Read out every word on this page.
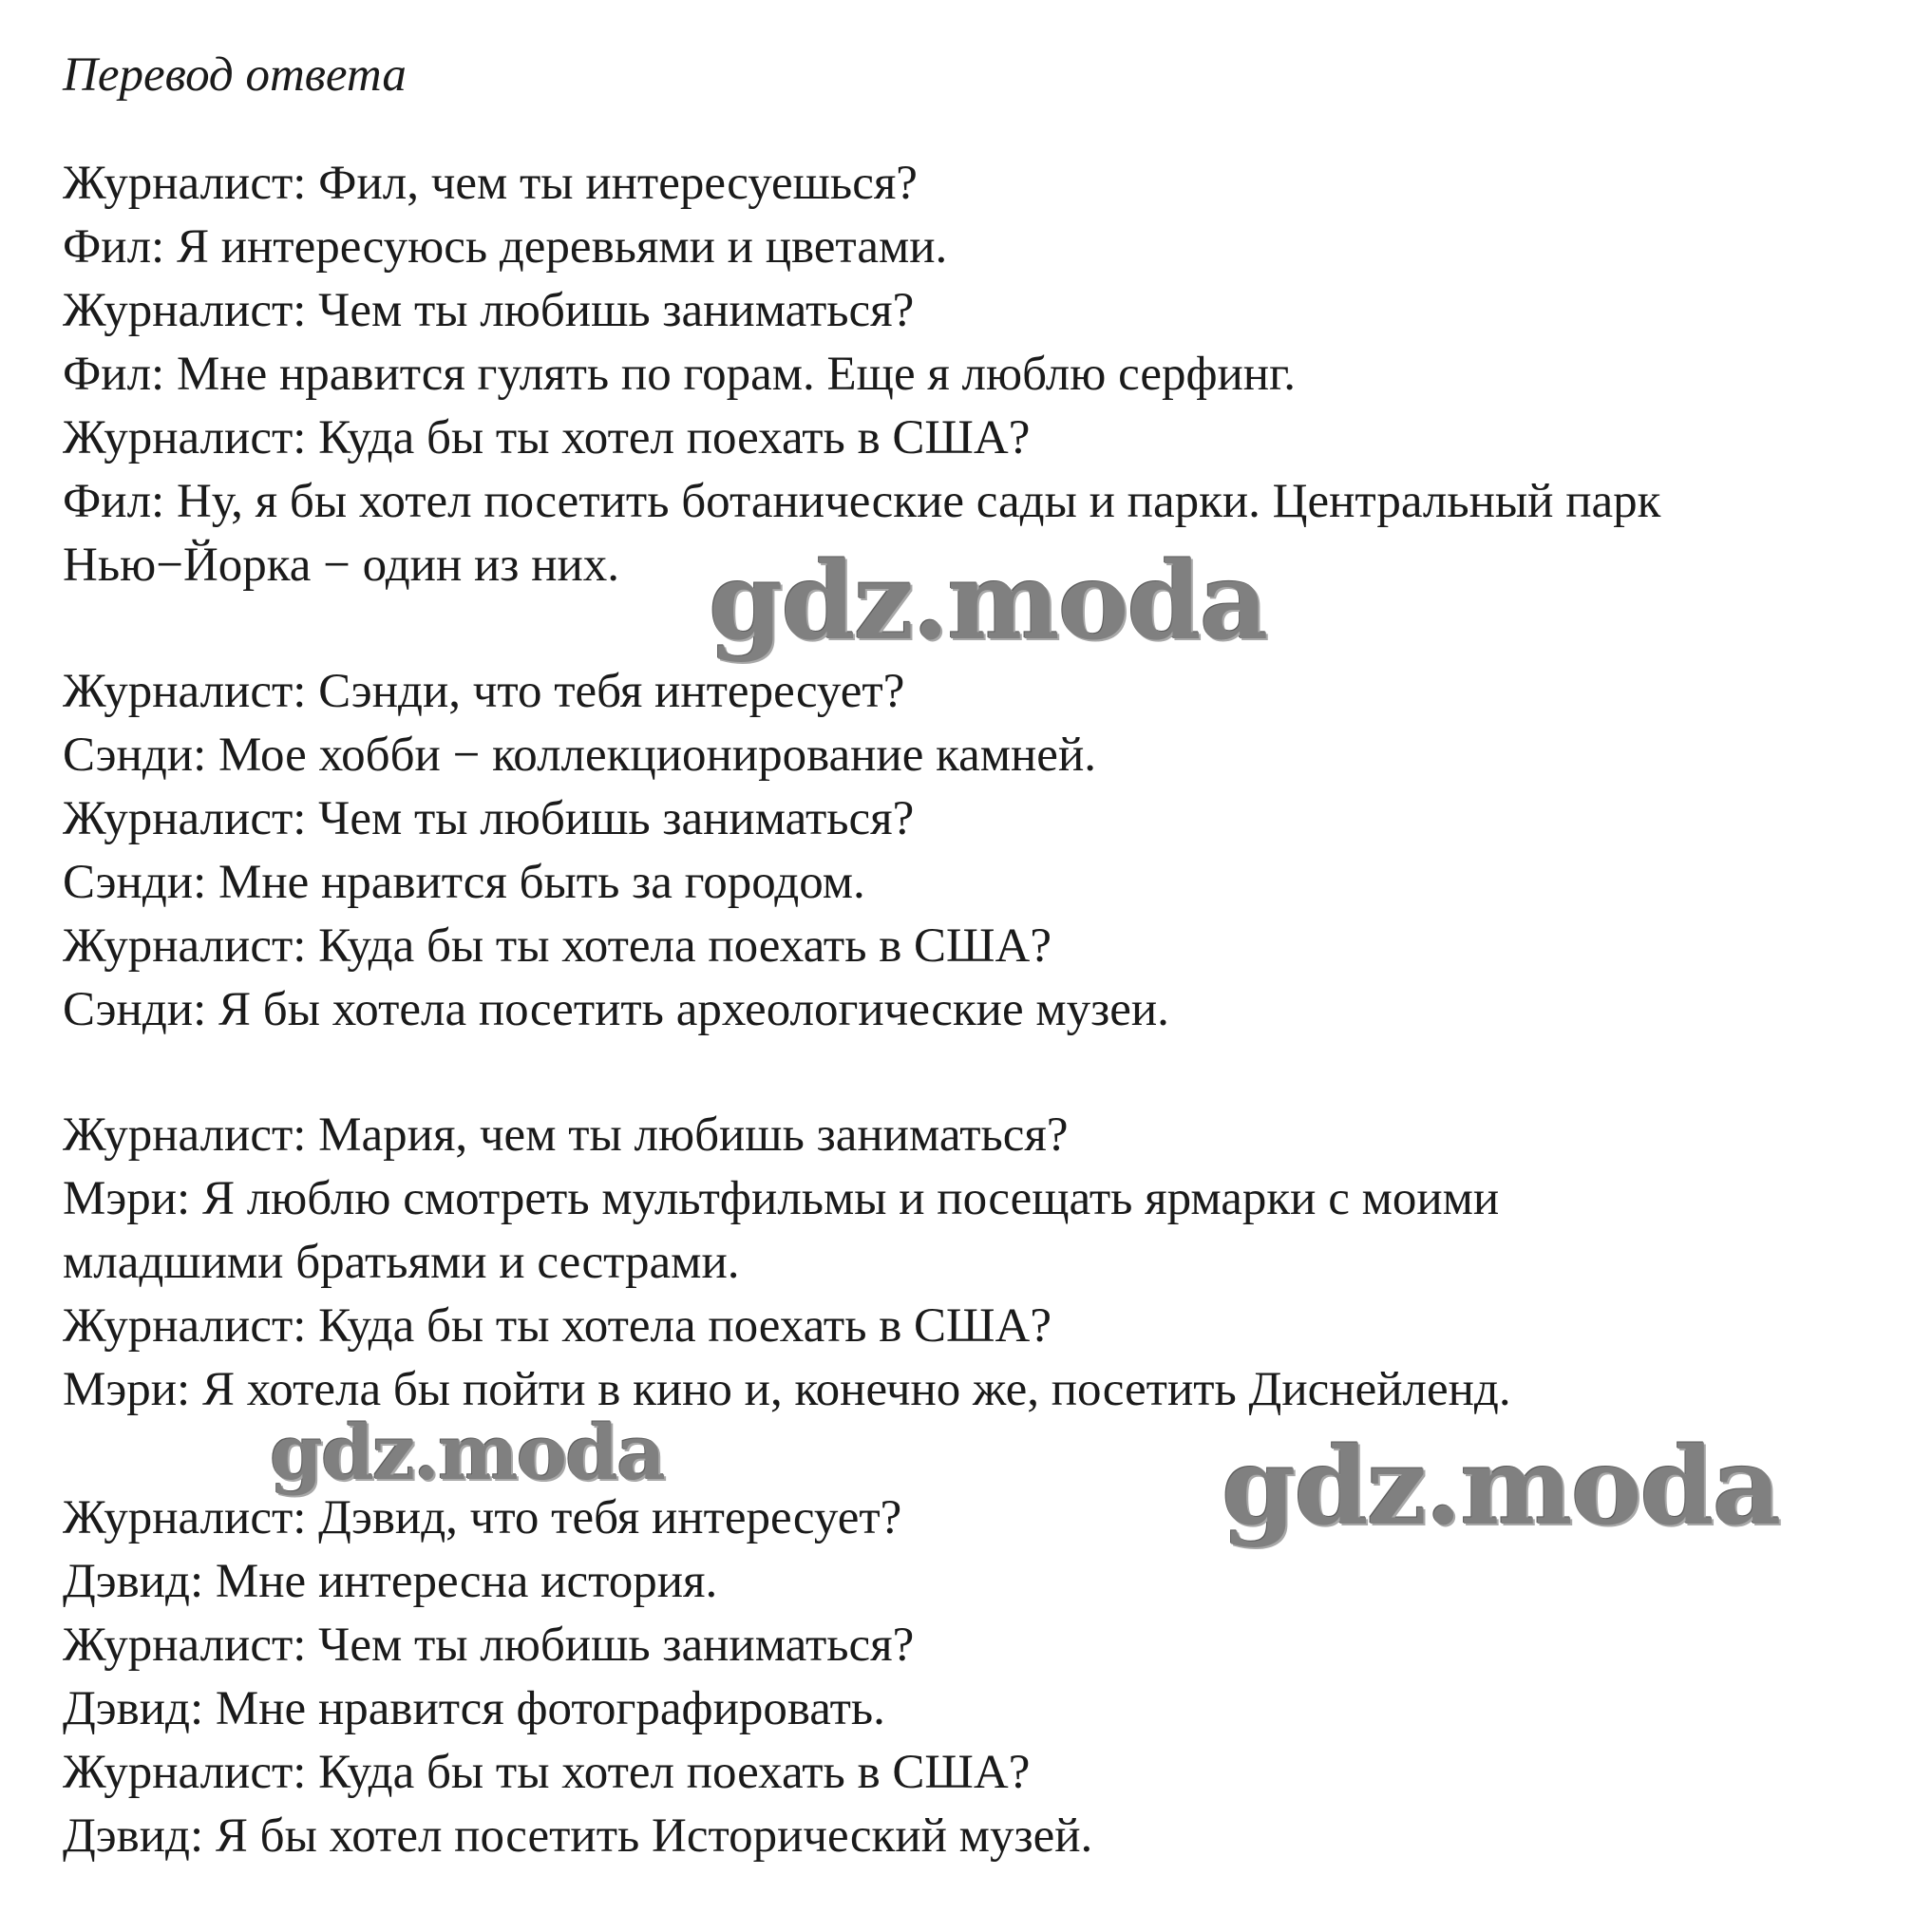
Перевод ответа
Журналист: Фил, чем ты интересуешься?
Фил: Я интересуюсь деревьями и цветами.
Журналист: Чем ты любишь заниматься?
Фил: Мне нравится гулять по горам. Еще я люблю серфинг.
Журналист: Куда бы ты хотел поехать в США?
Фил: Ну, я бы хотел посетить ботанические сады и парки. Центральный парк
Нью−Йорка − один из них.
Журналист: Сэнди, что тебя интересует?
Сэнди: Мое хобби − коллекционирование камней.
Журналист: Чем ты любишь заниматься?
Сэнди: Мне нравится быть за городом.
Журналист: Куда бы ты хотела поехать в США?
Сэнди: Я бы хотела посетить археологические музеи.
Журналист: Мария, чем ты любишь заниматься?
Мэри: Я люблю смотреть мультфильмы и посещать ярмарки с моими
младшими братьями и сестрами.
Журналист: Куда бы ты хотела поехать в США?
Мэри: Я хотела бы пойти в кино и, конечно же, посетить Диснейленд.
Журналист: Дэвид, что тебя интересует?
Дэвид: Мне интересна история.
Журналист: Чем ты любишь заниматься?
Дэвид: Мне нравится фотографировать.
Журналист: Куда бы ты хотел поехать в США?
Дэвид: Я бы хотел посетить Исторический музей.
gdz.moda
gdz.moda	gdz.moda
